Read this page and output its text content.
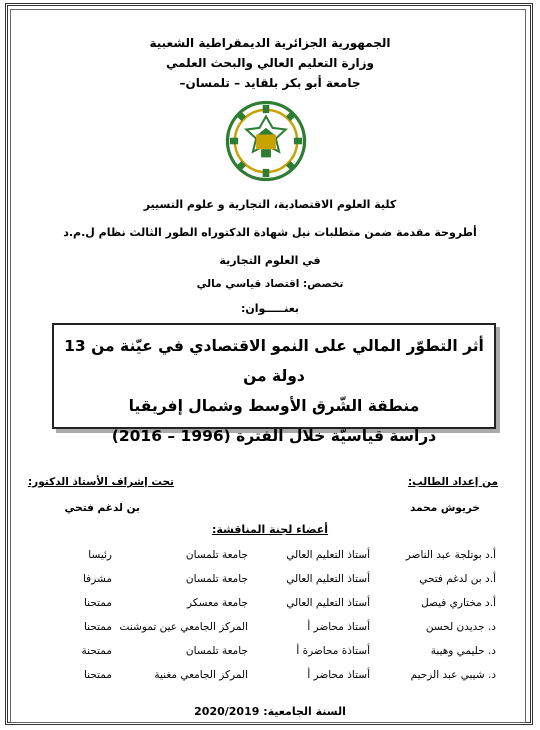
الجمهورية الجزائرية الديمقراطية الشعبية
وزارة التعليم العالي والبحث العلمي
جامعة أبو بكر بلقايد – تلمسان–
كلية العلوم الاقتصادية، التجارية و علوم التسيير
أطروحة مقدمة ضمن متطلبات نيل شهادة الدكتوراه الطور الثالث نظام ل.م.د
في العلوم التجارية
تخصص: اقتصاد قياسي مالي
بعنـــــوان:
أثر التطوّر المالي على النمو الاقتصادي في عيّنة من 13 دولة من
منطقة الشّرق الأوسط وشمال إفريقيا
دراسة قياسيّة خلال الفترة (1996 – 2016)
من إعداد الطالب:
تحت إشراف الأستاذ الدكتور:
خريوش محمد
بن لدغم فتحي
أعضاء لجنة المناقشة:
أ.د بوتلجة عبد الناصر
أستاذ التعليم العالي
جامعة تلمسان
رئيسا
أ.د بن لدغم فتحي
أستاذ التعليم العالي
جامعة تلمسان
مشرفا
أ.د مختاري فيصل
أستاذ التعليم العالي
جامعة معسكر
ممتحنا
د. جديدن لحسن
أستاذ محاضر أ
المركز الجامعي عين تموشنت
ممتحنا
د. حليمي وهيبة
أستاذة محاضرة أ
جامعة تلمسان
ممتحنة
د. شيبي عبد الرحيم
أستاذ محاضر أ
المركز الجامعي مغنية
ممتحنا
السنة الجامعية: 2020/2019
